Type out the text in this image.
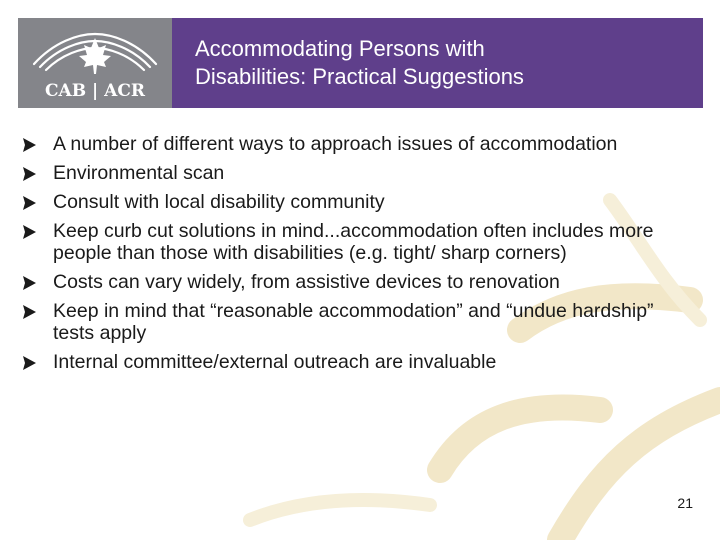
CAB | ACR
Accommodating Persons with
Disabilities: Practical Suggestions
A number of different ways to approach issues of accommodation
Environmental scan
Consult with local disability community
Keep curb cut solutions in mind...accommodation often includes more people than those with disabilities (e.g. tight/ sharp corners)
Costs can vary widely, from assistive devices to renovation
Keep in mind that “reasonable accommodation” and “undue hardship” tests apply
Internal committee/external outreach are invaluable
21
